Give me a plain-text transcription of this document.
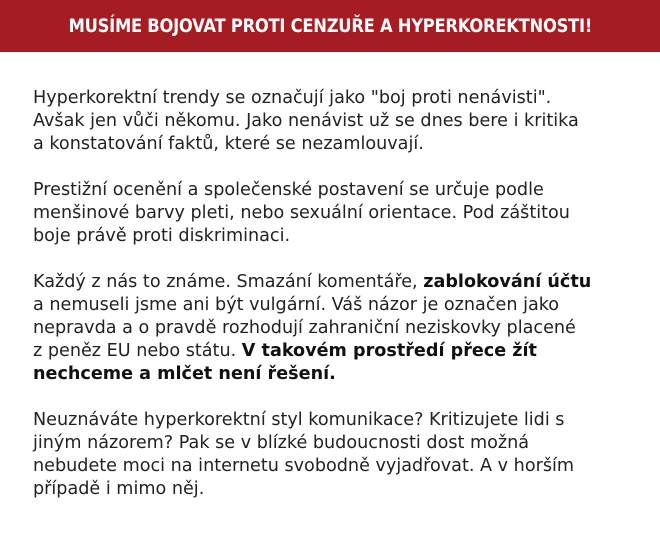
MUSÍME BOJOVAT PROTI CENZUŘE A HYPERKOREKTNOSTI!

Hyperkorektní trendy se označují jako "boj proti nenávisti".
Avšak jen vůči někomu. Jako nenávist už se dnes bere i kritika
a konstatování faktů, které se nezamlouvají.

Prestižní ocenění a společenské postavení se určuje podle
menšinové barvy pleti, nebo sexuální orientace. Pod záštitou
boje právě proti diskriminaci.

Každý z nás to známe. Smazání komentáře, zablokování účtu
a nemuseli jsme ani být vulgární. Váš názor je označen jako
nepravda a o pravdě rozhodují zahraniční neziskovky placené
z peněz EU nebo státu. V takovém prostředí přece žít
nechceme a mlčet není řešení.

Neuznáváte hyperkorektní styl komunikace? Kritizujete lidi s
jiným názorem? Pak se v blízké budoucnosti dost možná
nebudete moci na internetu svobodně vyjadřovat. A v horším
případě i mimo něj.
